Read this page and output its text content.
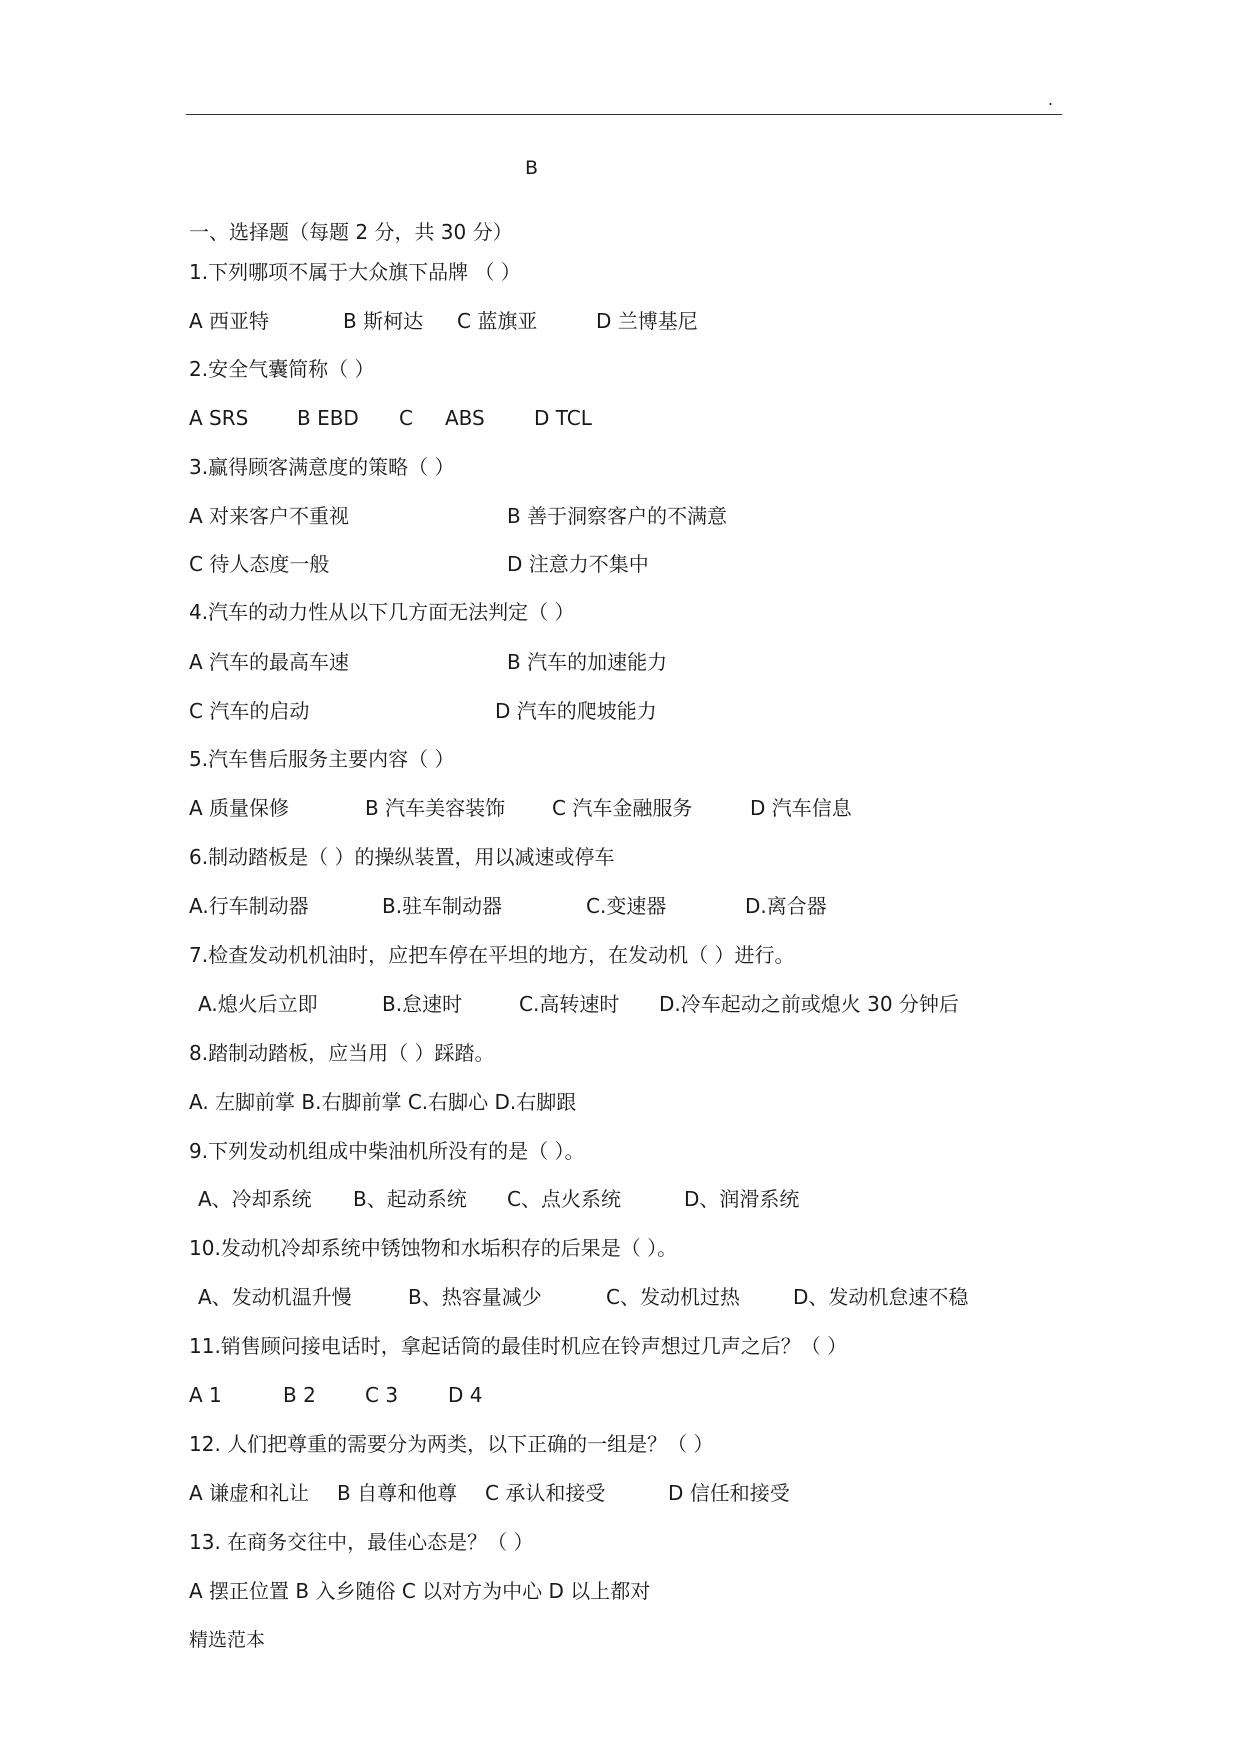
.
B
一、选择题（每题 2 分，共 30 分）
1.下列哪项不属于大众旗下品牌 （ ）
A 西亚特	B 斯柯达 C 蓝旗亚	D 兰博基尼
2.安全气囊简称（ ）
A SRS B EBD C ABS D TCL
3.赢得顾客满意度的策略（ ）
A 对来客户不重视	B 善于洞察客户的不满意
C 待人态度一般	D 注意力不集中
4.汽车的动力性从以下几方面无法判定（ ）
A 汽车的最高车速	B 汽车的加速能力
C 汽车的启动	D 汽车的爬坡能力
5.汽车售后服务主要内容（ ）
A 质量保修	B 汽车美容装饰 C 汽车金融服务	D 汽车信息
6.制动踏板是（ ）的操纵装置，用以减速或停车
A.行车制动器	B.驻车制动器	C.变速器	D.离合器
7.检查发动机机油时，应把车停在平坦的地方，在发动机（ ）进行。
A.熄火后立即	B.怠速时	C.高转速时 D.冷车起动之前或熄火 30 分钟后
8.踏制动踏板，应当用（ ）踩踏。
A. 左脚前掌 B.右脚前掌 C.右脚心 D.右脚跟
9.下列发动机组成中柴油机所没有的是（ ）。
A、冷却系统 B、起动系统 C、点火系统	D、润滑系统
10.发动机冷却系统中锈蚀物和水垢积存的后果是（ ）。
A、发动机温升慢	B、热容量减少	C、发动机过热	D、发动机怠速不稳
11.销售顾问接电话时，拿起话筒的最佳时机应在铃声想过几声之后？（ ）
A 1	B 2 C 3 D 4
12. 人们把尊重的需要分为两类，以下正确的一组是？（ ）
A 谦虚和礼让 B 自尊和他尊 C 承认和接受	D 信任和接受
13. 在商务交往中，最佳心态是？（ ）
A 摆正位置 B 入乡随俗 C 以对方为中心 D 以上都对
精选范本
